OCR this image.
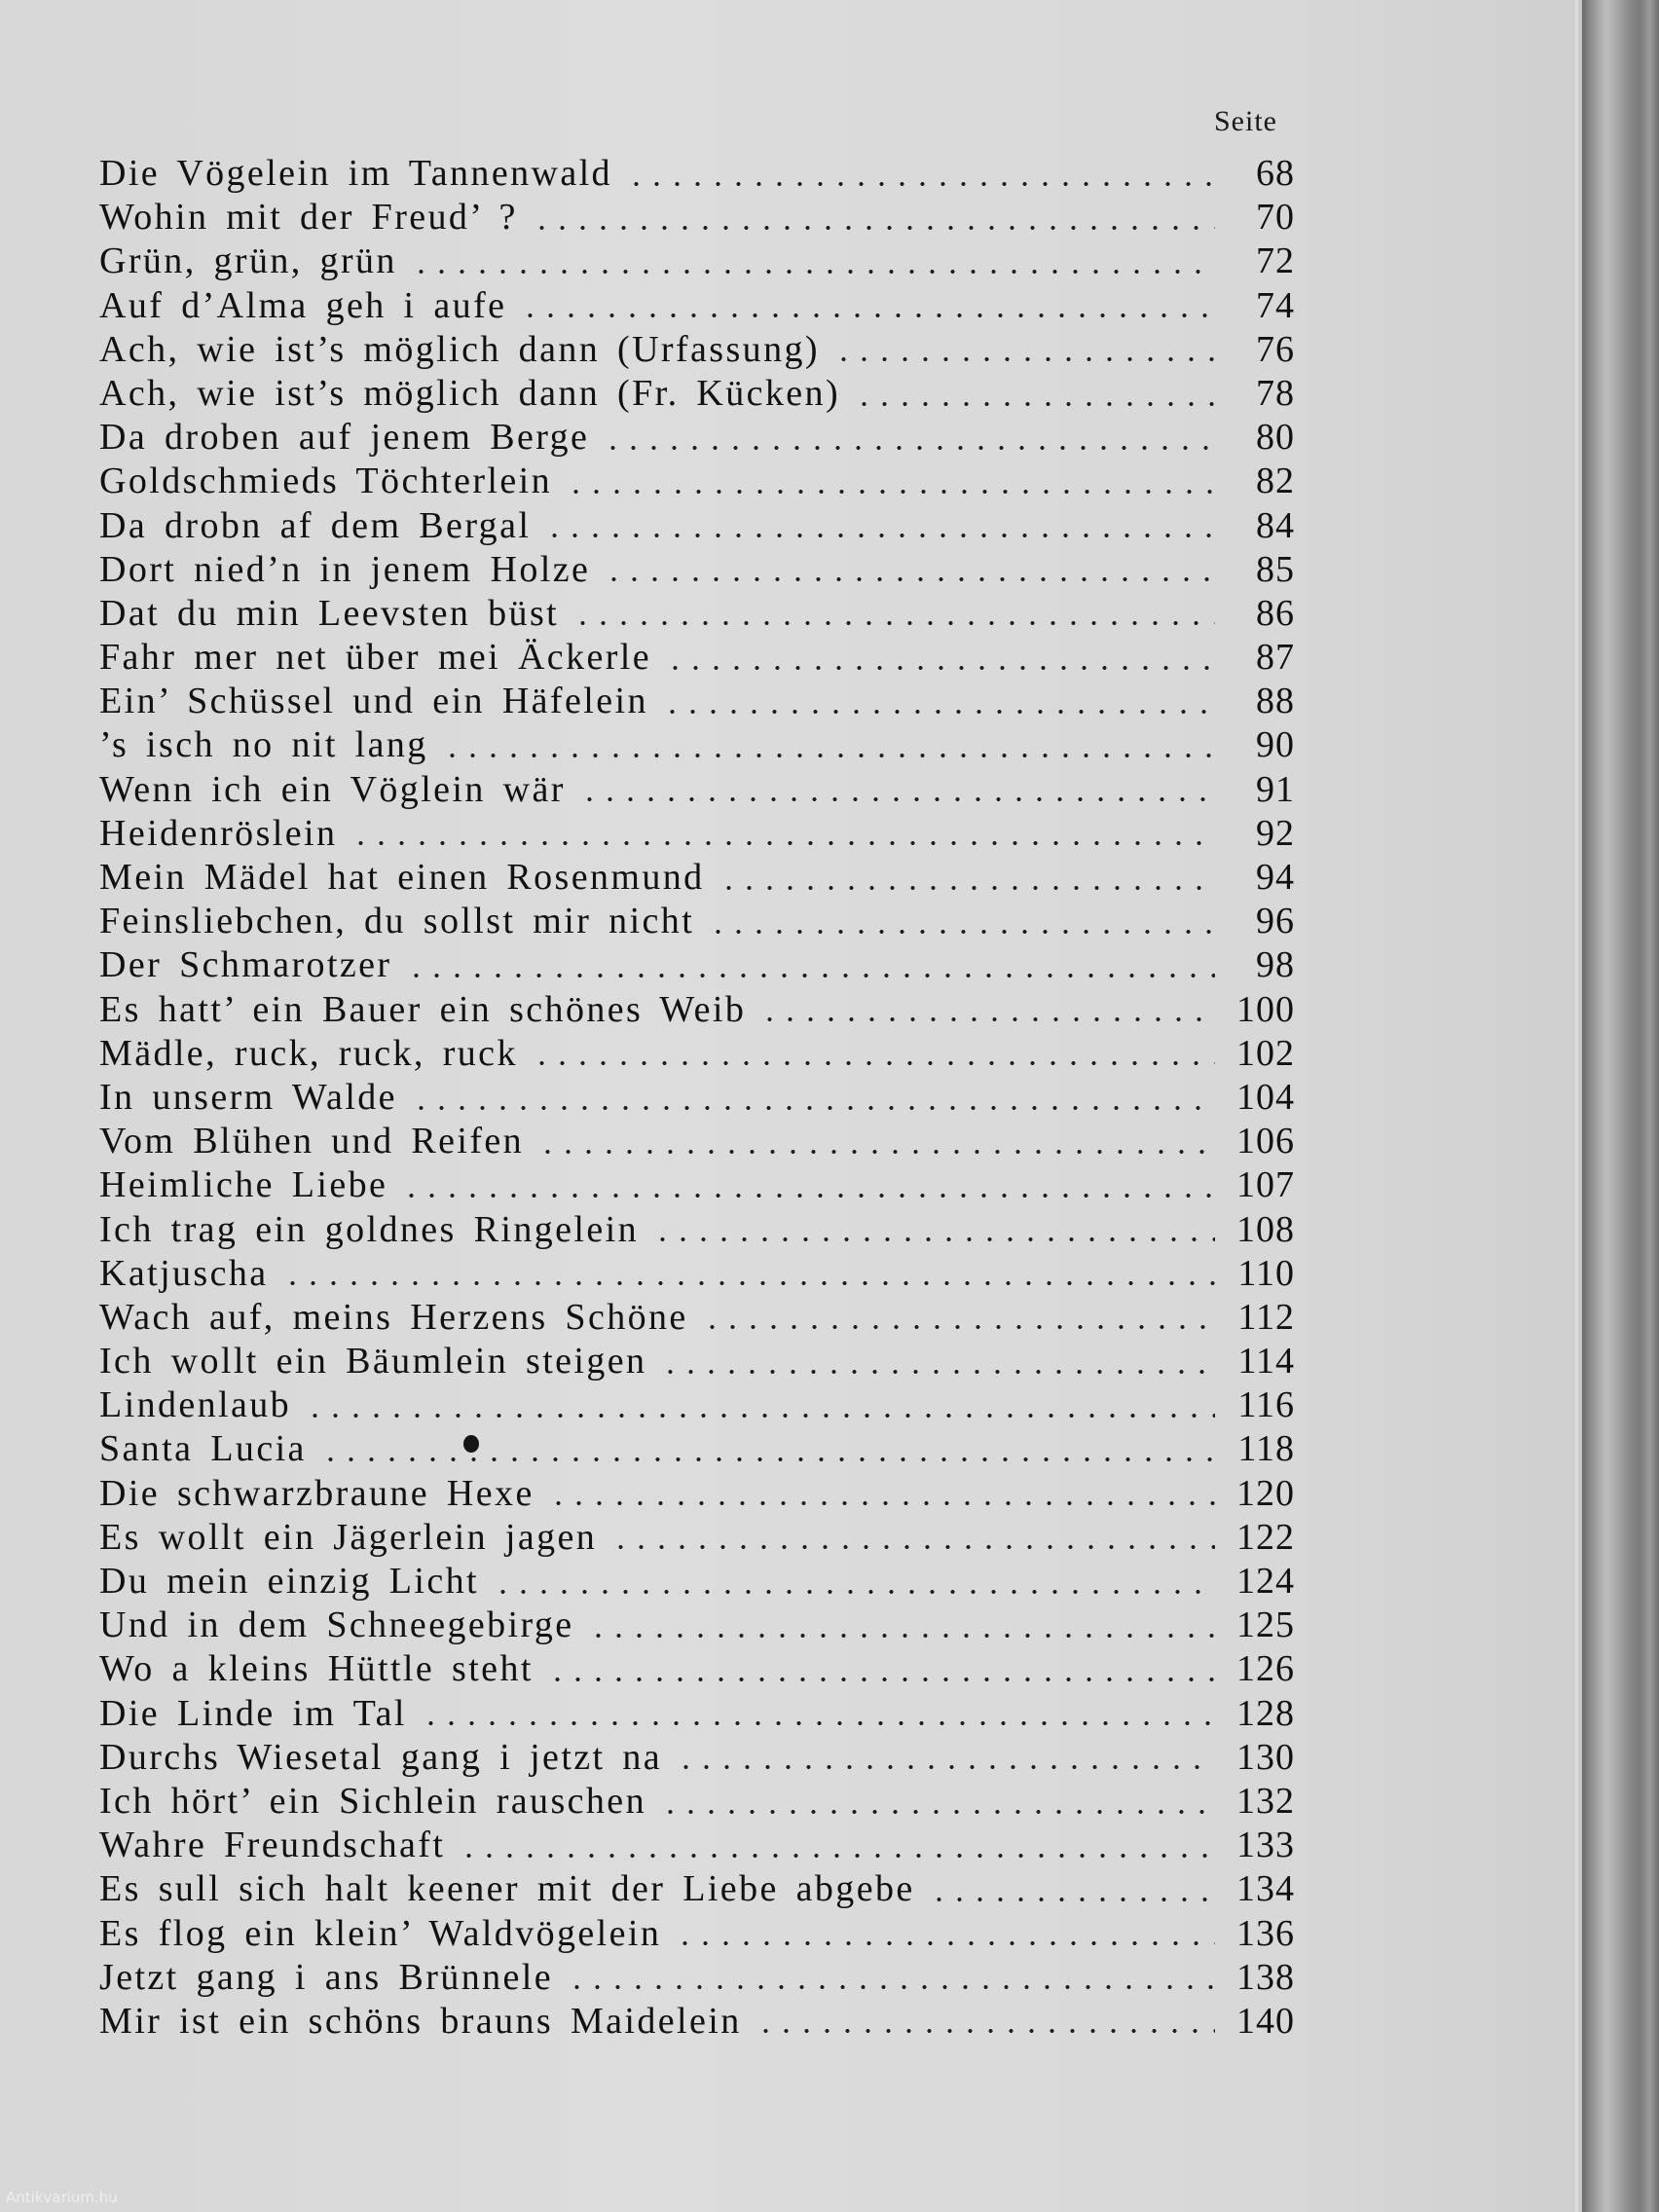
Seite
Die Vögelein im Tannenwald	68
Wohin mit der Freud’ ?	70
Grün, grün, grün	72
Auf d’Alma geh i aufe	74
Ach, wie ist’s möglich dann (Urfassung)	76
Ach, wie ist’s möglich dann (Fr. Kücken)	78
Da droben auf jenem Berge	80
Goldschmieds Töchterlein	82
Da drobn af dem Bergal	84
Dort nied’n in jenem Holze	85
Dat du min Leevsten büst	86
Fahr mer net über mei Äckerle	87
Ein’ Schüssel und ein Häfelein	88
’s isch no nit lang	90
Wenn ich ein Vöglein wär	91
Heidenröslein	92
Mein Mädel hat einen Rosenmund	94
Feinsliebchen, du sollst mir nicht	96
Der Schmarotzer	98
Es hatt’ ein Bauer ein schönes Weib	100
Mädle, ruck, ruck, ruck	102
In unserm Walde	104
Vom Blühen und Reifen	106
Heimliche Liebe	107
Ich trag ein goldnes Ringelein	108
Katjuscha	110
Wach auf, meins Herzens Schöne	112
Ich wollt ein Bäumlein steigen	114
Lindenlaub	116
Santa Lucia	118
Die schwarzbraune Hexe	120
Es wollt ein Jägerlein jagen	122
Du mein einzig Licht	124
Und in dem Schneegebirge	125
Wo a kleins Hüttle steht	126
Die Linde im Tal	128
Durchs Wiesetal gang i jetzt na	130
Ich hört’ ein Sichlein rauschen	132
Wahre Freundschaft	133
Es sull sich halt keener mit der Liebe abgebe	134
Es flog ein klein’ Waldvögelein	136
Jetzt gang i ans Brünnele	138
Mir ist ein schöns brauns Maidelein	140
Antikvarium.hu
